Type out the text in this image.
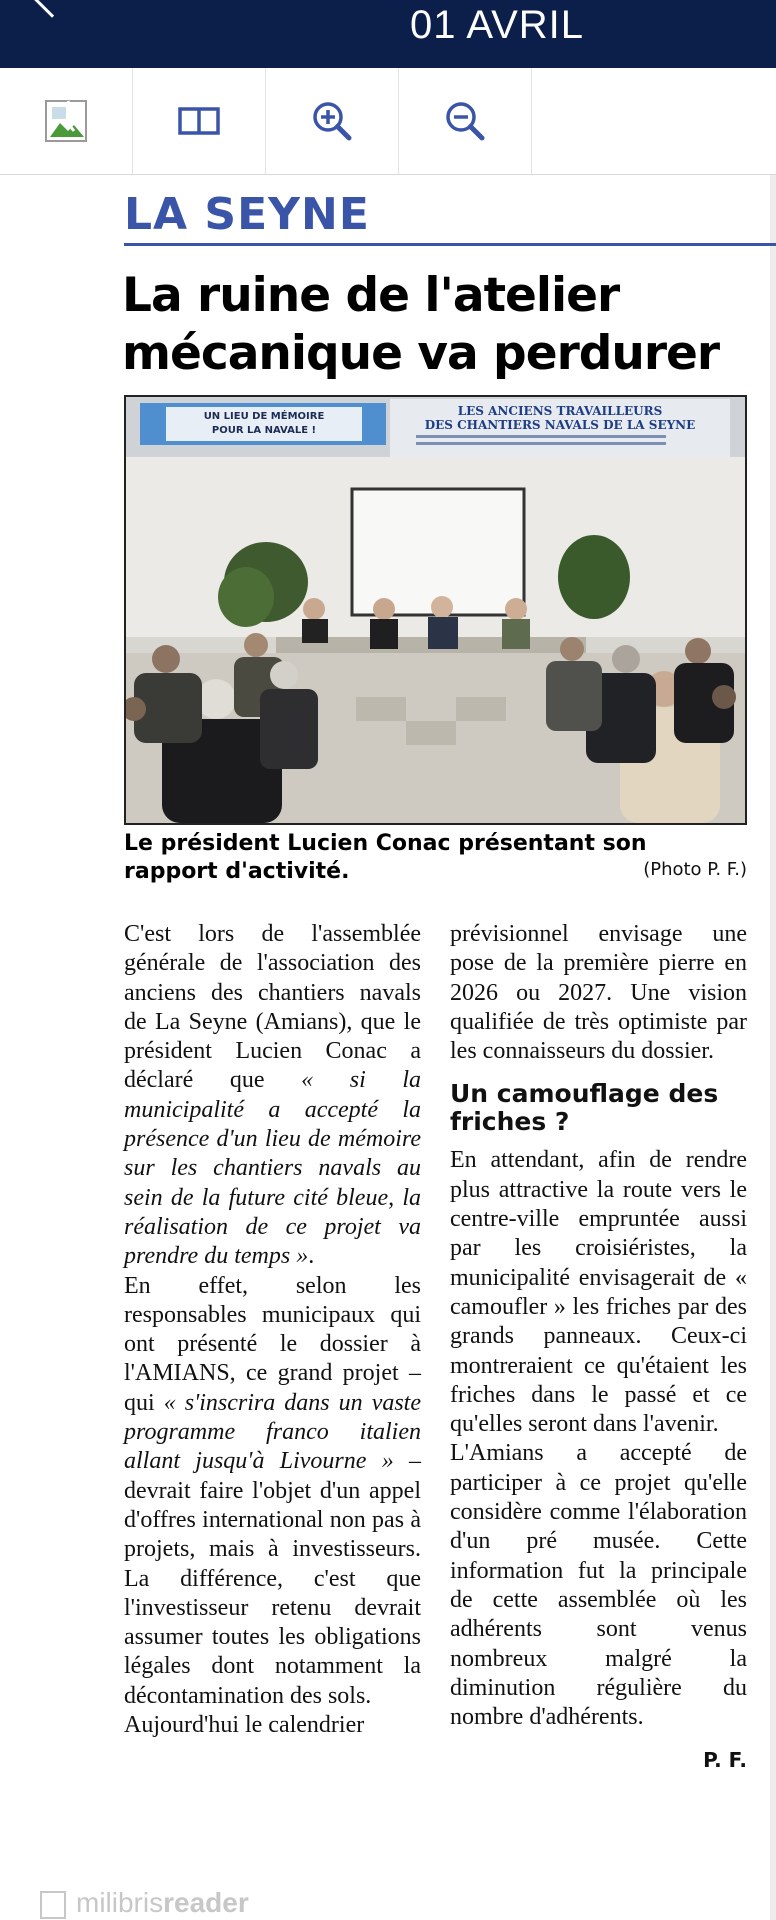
01 AVRIL
LA SEYNE
La ruine de l'atelier mécanique va perdurer
UN LIEU DE MÉMOIRE
POUR LA NAVALE !
LES ANCIENS TRAVAILLEURS
DES CHANTIERS NAVALS DE LA SEYNE
Le président Lucien Conac présentant son rapport d'activité.	(Photo P. F.)

C'est lors de l'assemblée générale de l'association des anciens des chantiers navals de La Seyne (Amians), que le président Lucien Conac a déclaré que « si la municipalité a accepté la présence d'un lieu de mémoire sur les chantiers navals au sein de la future cité bleue, la réalisation de ce projet va prendre du temps ».

En effet, selon les responsables municipaux qui ont présenté le dossier à l'AMIANS, ce grand projet – qui « s'inscrira dans un vaste programme franco italien allant jusqu'à Livourne » – devrait faire l'objet d'un appel d'offres international non pas à projets, mais à investisseurs. La différence, c'est que l'investisseur retenu devrait assumer toutes les obligations légales dont notamment la décontamination des sols.

Aujourd'hui le calendrier

prévisionnel envisage une pose de la première pierre en 2026 ou 2027. Une vision qualifiée de très optimiste par les connaisseurs du dossier.

Un camouflage des friches ?

En attendant, afin de rendre plus attractive la route vers le centre-ville empruntée aussi par les croisiéristes, la municipalité envisagerait de « camoufler » les friches par des grands panneaux. Ceux-ci montreraient ce qu'étaient les friches dans le passé et ce qu'elles seront dans l'avenir.

L'Amians a accepté de participer à ce projet qu'elle considère comme l'élaboration d'un pré musée. Cette information fut la principale de cette assemblée où les adhérents sont venus nombreux malgré la diminution régulière du nombre d'adhérents.

P. F.
milibrisreader
